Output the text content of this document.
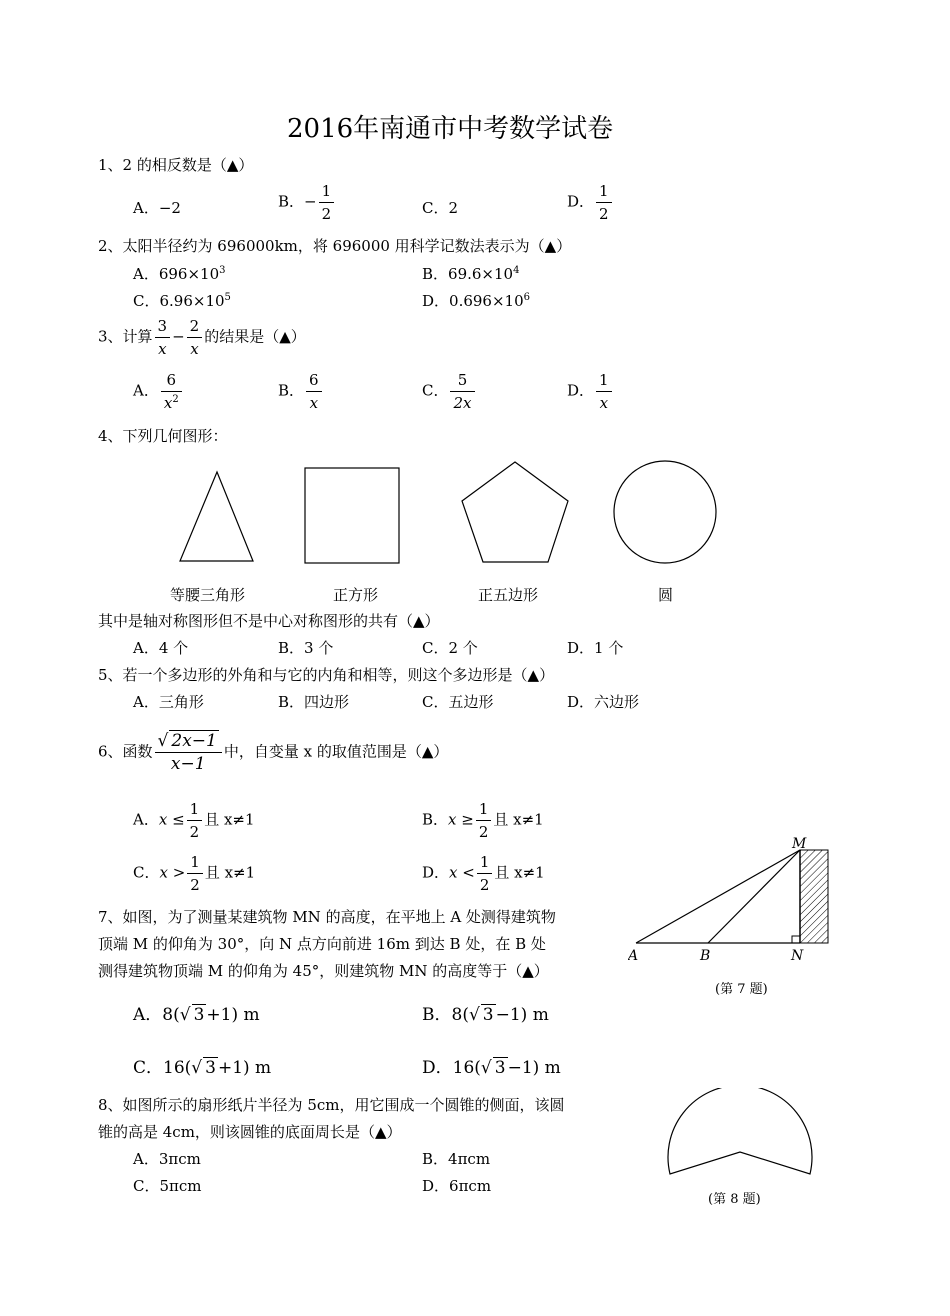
2016年南通市中考数学试卷
1、2 的相反数是（▲）
A．−2	B．− $\frac{1}{2}$	C．2	D． $\frac{1}{2}$
2、太阳半径约为 696000km，将 696000 用科学记数法表示为（▲）
A．$696\times 10^3$	B．$69.6\times 10^4$
C．$6.96\times 10^5$	D．$0.696\times 10^6$
3、计算 $\frac{3}{x} - \frac{2}{x}$ 的结果是（▲）
A． $\frac{6}{x^2}$	B． $\frac{6}{x}$	C． $\frac{5}{2x}$	D． $\frac{1}{x}$
4、下列几何图形：
等腰三角形	正方形	正五边形	圆
其中是轴对称图形但不是中心对称图形的共有（▲）
A．4 个	B．3 个	C．2 个	D．1 个
5、若一个多边形的外角和与它的内角和相等，则这个多边形是（▲）
A．三角形	B．四边形	C．五边形	D．六边形
6、函数 $\frac{√ 2x-1}{x-1}$ 中，自变量 x 的取值范围是（▲）
A．$x \le \frac{1}{2}$ 且 x≠1	B．$x \ge \frac{1}{2}$ 且 x≠1
C．$x > \frac{1}{2}$ 且 x≠1	D．$x < \frac{1}{2}$ 且 x≠1
M
A	B	N
(第 7 题)
7、如图，为了测量某建筑物 MN 的高度，在平地上 A 处测得建筑物
顶端 M 的仰角为 30°，向 N 点方向前进 16m 到达 B 处，在 B 处
测得建筑物顶端 M 的仰角为 45°，则建筑物 MN 的高度等于（▲）
A．8(√ 3 +1) m	B．8(√ 3 −1) m
C．16(√ 3 +1) m	D．16(√ 3 −1) m
8、如图所示的扇形纸片半径为 5cm，用它围成一个圆锥的侧面，该圆
锥的高是 4cm，则该圆锥的底面周长是（▲）
A．3πcm	B．4πcm
C．5πcm	D．6πcm
(第 8 题)
